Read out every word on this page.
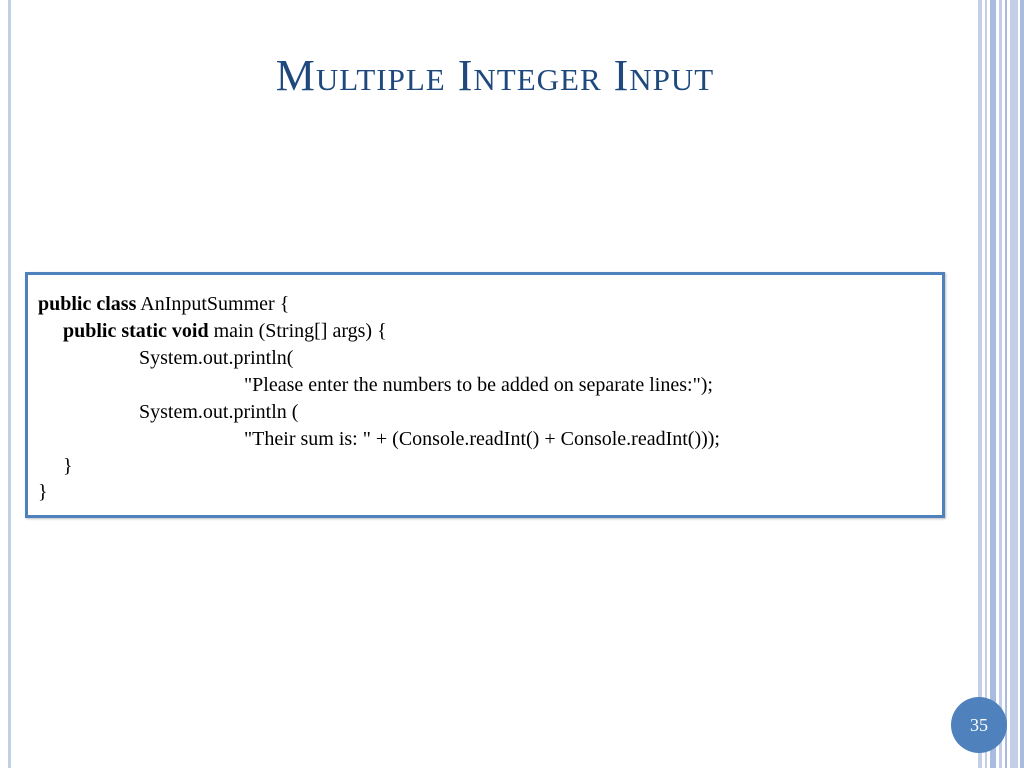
Multiple Integer Input
public class AnInputSummer {
public static void main (String[] args) {
System.out.println(
"Please enter the numbers to be added on separate lines:");
System.out.println (
"Their sum is: " + (Console.readInt() + Console.readInt()));
}
}
35
